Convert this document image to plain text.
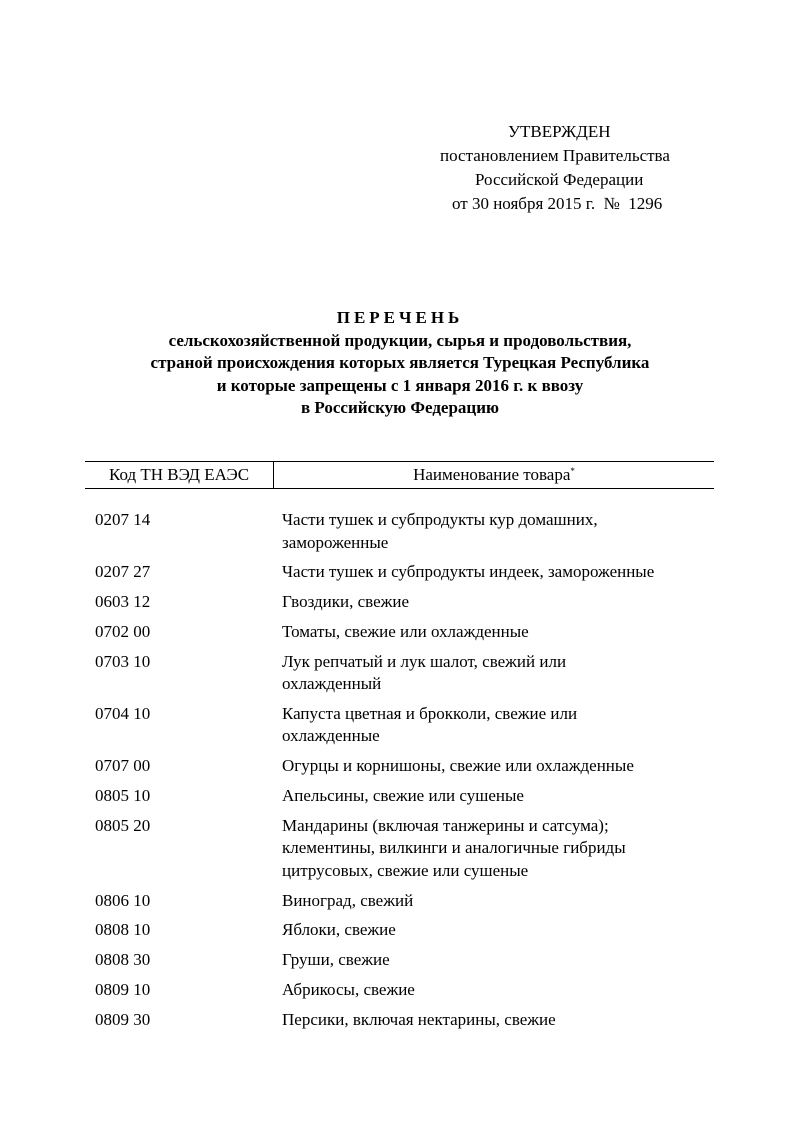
УТВЕРЖДЕН
постановлением Правительства
Российской Федерации
от 30 ноября 2015 г.  №  1296
ПЕРЕЧЕНЬ
сельскохозяйственной продукции, сырья и продовольствия,
страной происхождения которых является Турецкая Республика
и которые запрещены с 1 января 2016 г. к ввозу
в Российскую Федерацию
Код ТН ВЭД ЕАЭС	Наименование товара*
0207 14	Части тушек и субпродукты кур домашних,
замороженные
0207 27	Части тушек и субпродукты индеек, замороженные
0603 12	Гвоздики, свежие
0702 00	Томаты, свежие или охлажденные
0703 10	Лук репчатый и лук шалот, свежий или
охлажденный
0704 10	Капуста цветная и брокколи, свежие или
охлажденные
0707 00	Огурцы и корнишоны, свежие или охлажденные
0805 10	Апельсины, свежие или сушеные
0805 20	Мандарины (включая танжерины и сатсума);
клементины, вилкинги и аналогичные гибриды
цитрусовых, свежие или сушеные
0806 10	Виноград, свежий
0808 10	Яблоки, свежие
0808 30	Груши, свежие
0809 10	Абрикосы, свежие
0809 30	Персики, включая нектарины, свежие
